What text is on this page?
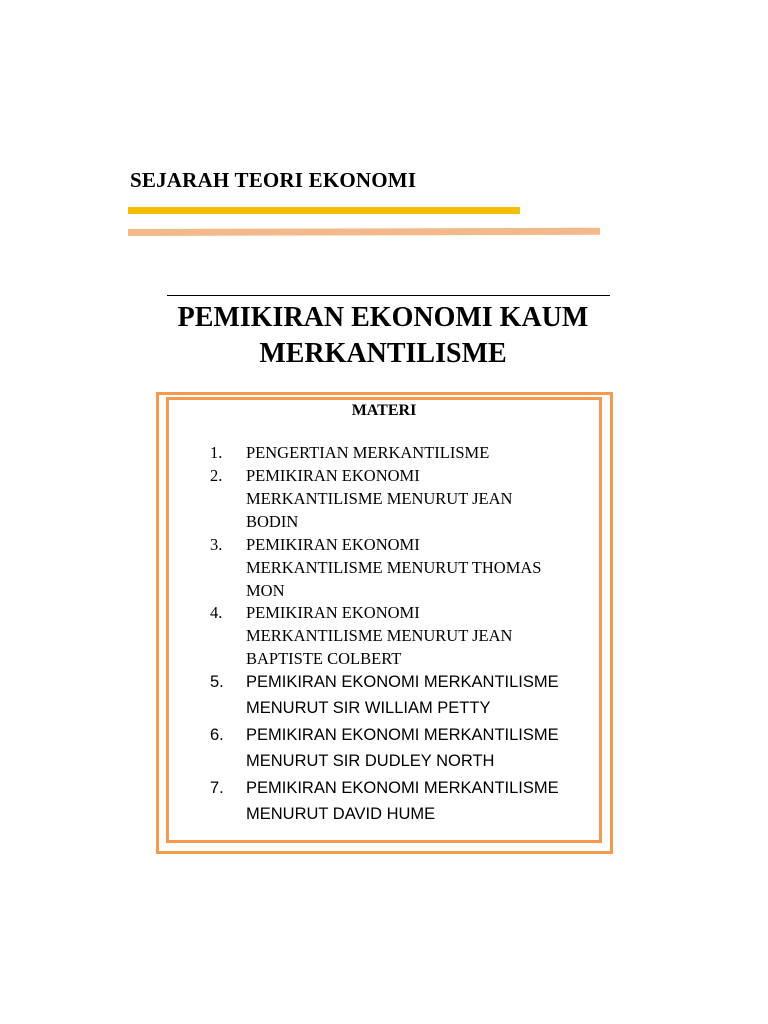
SEJARAH TEORI EKONOMI
PEMIKIRAN EKONOMI KAUM
MERKANTILISME
MATERI
1.	PENGERTIAN MERKANTILISME
2.	PEMIKIRAN EKONOMI
MERKANTILISME MENURUT JEAN
BODIN
3.	PEMIKIRAN EKONOMI
MERKANTILISME MENURUT THOMAS
MON
4.	PEMIKIRAN EKONOMI
MERKANTILISME MENURUT JEAN
BAPTISTE COLBERT
5.	PEMIKIRAN EKONOMI MERKANTILISME
MENURUT SIR WILLIAM PETTY
6.	PEMIKIRAN EKONOMI MERKANTILISME
MENURUT SIR DUDLEY NORTH
7.	PEMIKIRAN EKONOMI MERKANTILISME
MENURUT DAVID HUME
